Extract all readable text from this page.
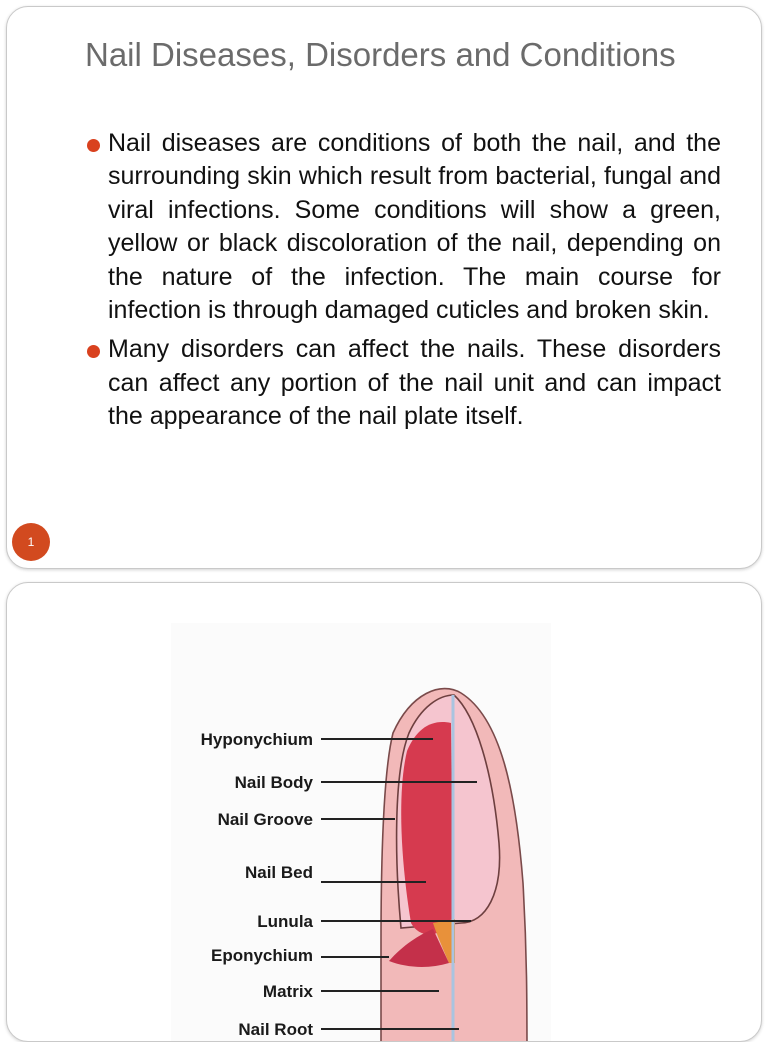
Nail Diseases, Disorders and Conditions
Nail diseases are conditions of both the nail, and the surrounding skin which result from bacterial, fungal and viral infections. Some conditions will show a green, yellow or black discoloration of the nail, depending on the nature of the infection. The main course for infection is through damaged cuticles and broken skin.
Many disorders can affect the nails. These disorders can affect any portion of the nail unit and can impact the appearance of the nail plate itself.
1
Hyponychium
Nail Body
Nail Groove
Nail Bed
Lunula
Eponychium
Matrix
Nail Root
